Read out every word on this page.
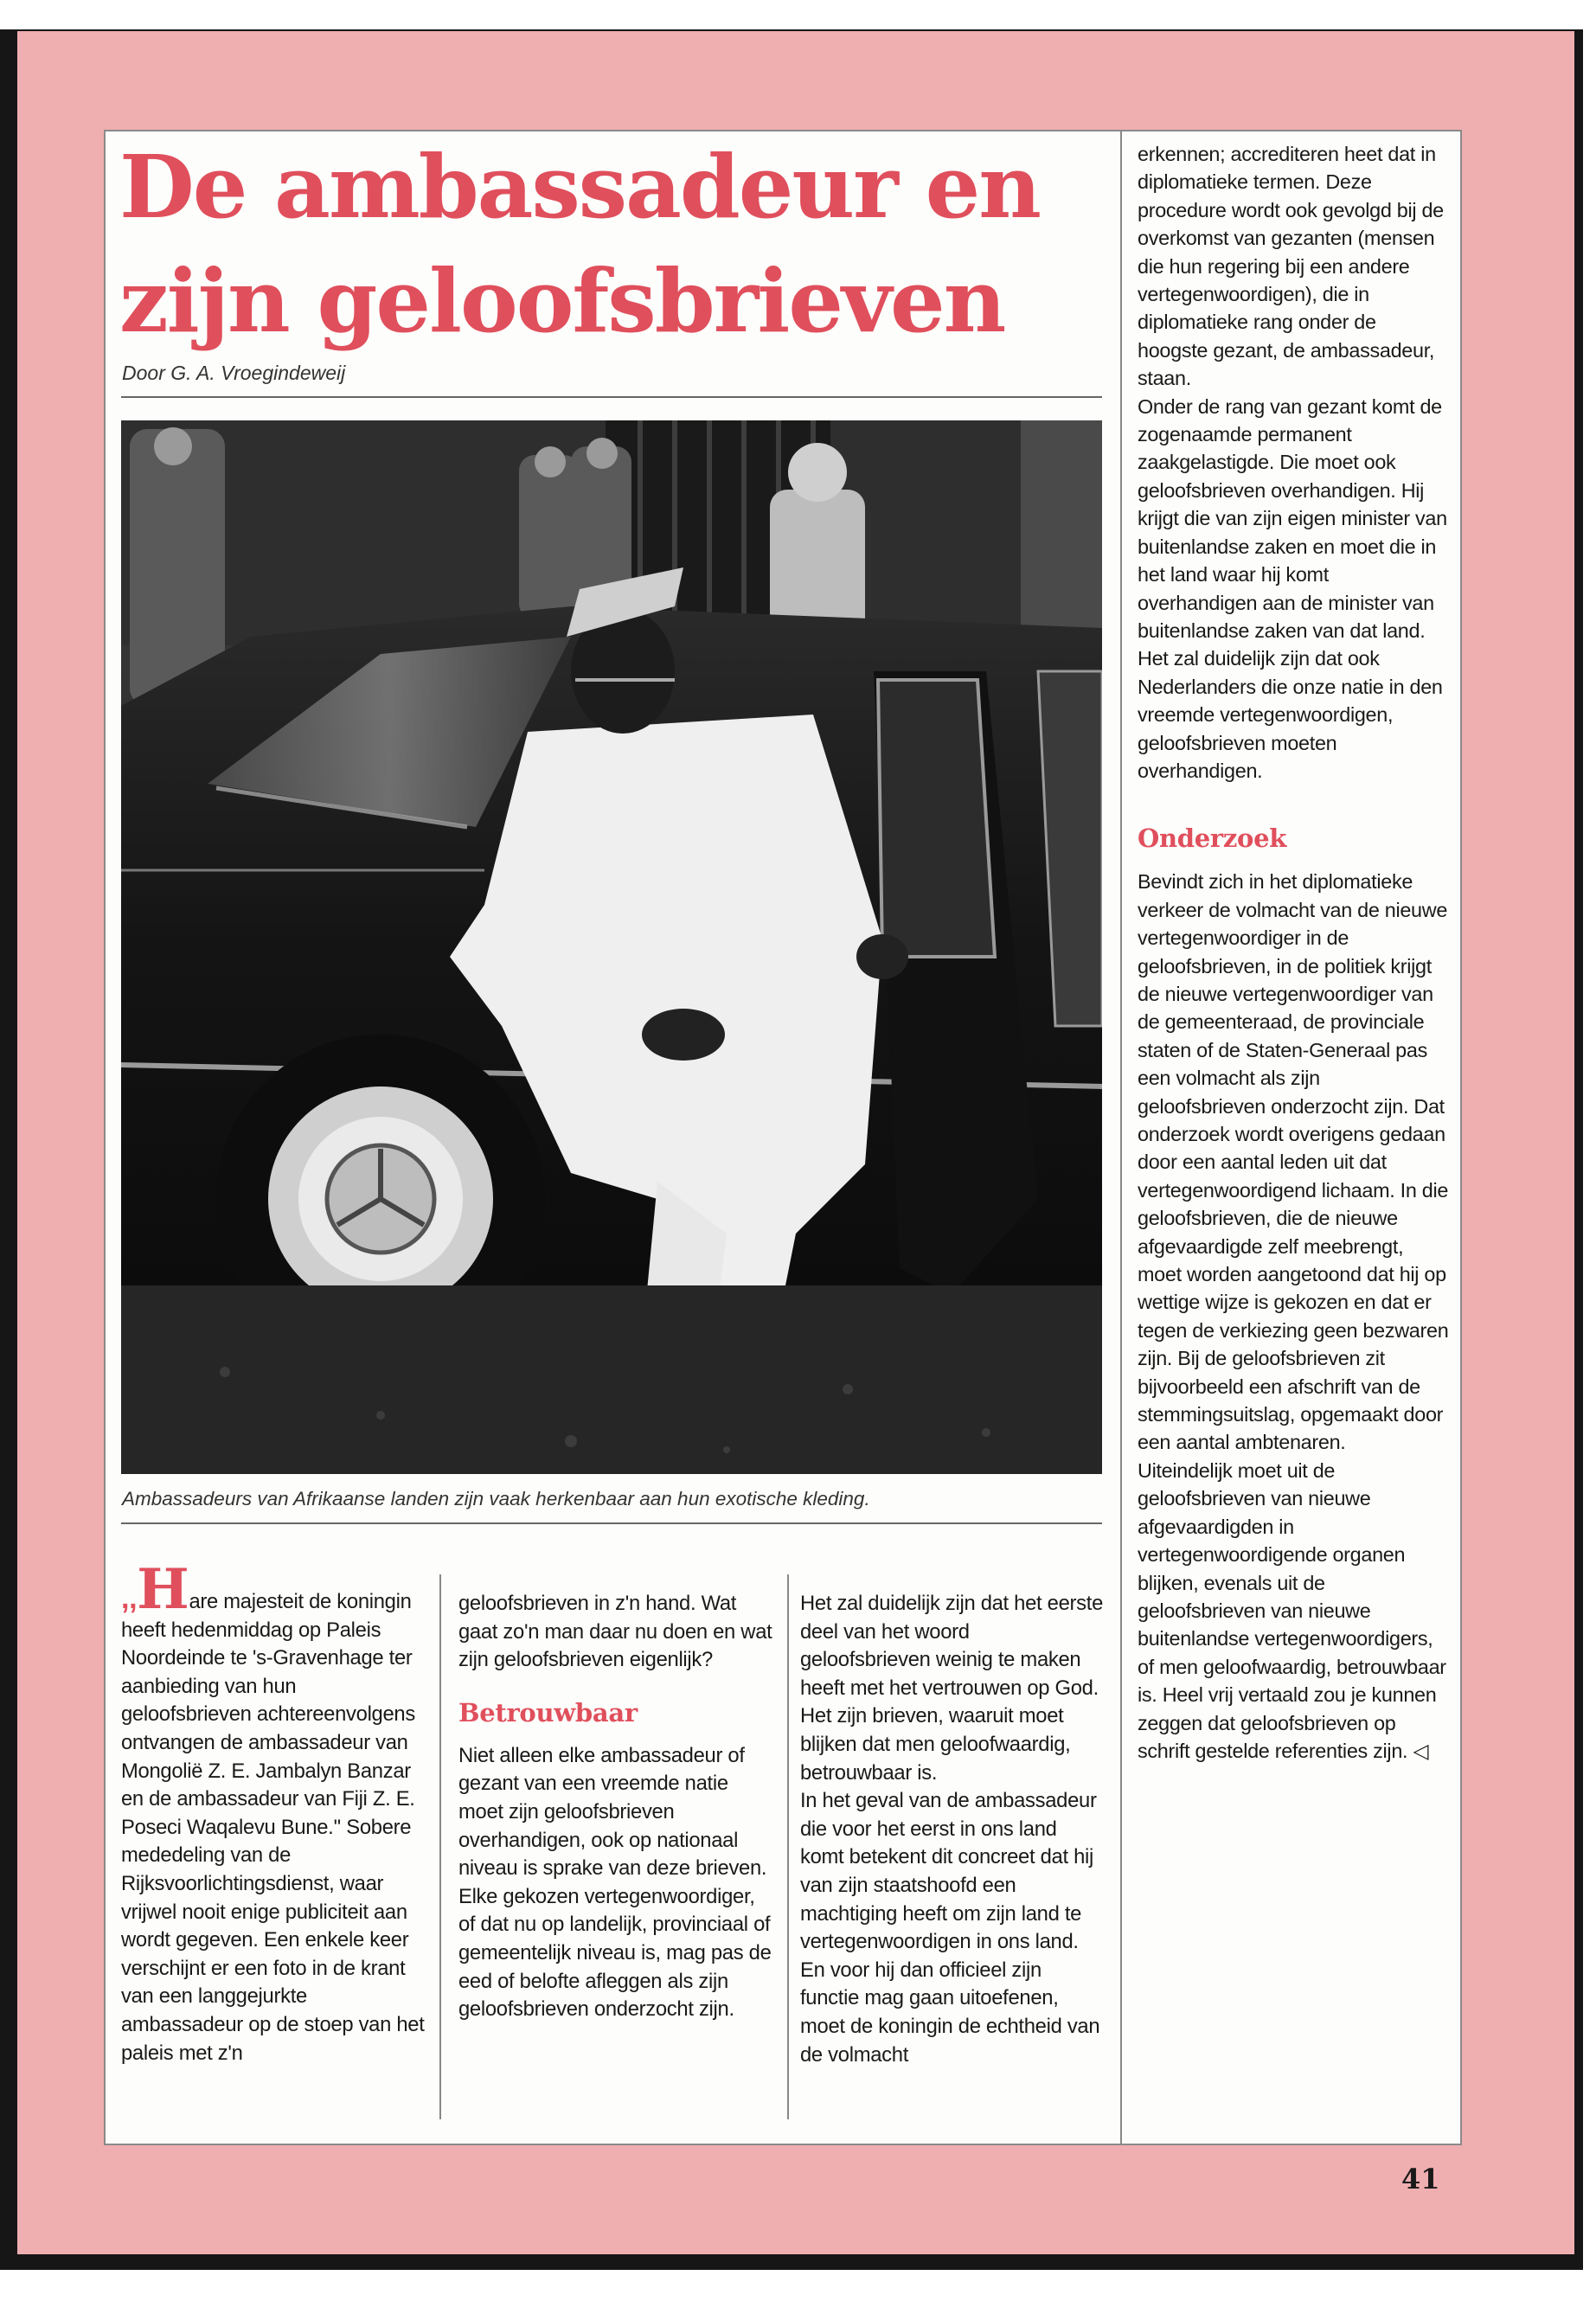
De ambassadeur en zijn geloofsbrieven
Door G. A. Vroegindeweij
Ambassadeurs van Afrikaanse landen zijn vaak herkenbaar aan hun exotische kleding.

,,Hare majesteit de koningin heeft hedenmiddag op Paleis Noordeinde te 's-Gravenhage ter aanbieding van hun geloofsbrieven achtereenvolgens ontvangen de ambassadeur van Mongolië Z. E. Jambalyn Banzar en de ambassadeur van Fiji Z. E. Poseci Waqalevu Bune.'' Sobere mededeling van de Rijksvoorlichtingsdienst, waar vrijwel nooit enige publiciteit aan wordt gegeven. Een enkele keer verschijnt er een foto in de krant van een langgejurkte ambassadeur op de stoep van het paleis met z'n

geloofsbrieven in z'n hand. Wat gaat zo'n man daar nu doen en wat zijn geloofsbrieven eigenlijk?

Betrouwbaar

Niet alleen elke ambassadeur of gezant van een vreemde natie moet zijn geloofsbrieven overhandigen, ook op nationaal niveau is sprake van deze brieven. Elke gekozen vertegenwoordiger, of dat nu op landelijk, provinciaal of gemeentelijk niveau is, mag pas de eed of belofte afleggen als zijn geloofsbrieven onderzocht zijn.

Het zal duidelijk zijn dat het eerste deel van het woord geloofsbrieven weinig te maken heeft met het vertrouwen op God. Het zijn brieven, waaruit moet blijken dat men geloofwaardig, betrouwbaar is.

In het geval van de ambassadeur die voor het eerst in ons land komt betekent dit concreet dat hij van zijn staatshoofd een machtiging heeft om zijn land te vertegenwoordigen in ons land. En voor hij dan officieel zijn functie mag gaan uitoefenen, moet de koningin de echtheid van de volmacht

erkennen; accrediteren heet dat in diplomatieke termen. Deze procedure wordt ook gevolgd bij de overkomst van gezanten (mensen die hun regering bij een andere vertegenwoordigen), die in diplomatieke rang onder de hoogste gezant, de ambassadeur, staan.

Onder de rang van gezant komt de zogenaamde permanent zaakgelastigde. Die moet ook geloofsbrieven overhandigen. Hij krijgt die van zijn eigen minister van buitenlandse zaken en moet die in het land waar hij komt overhandigen aan de minister van buitenlandse zaken van dat land. Het zal duidelijk zijn dat ook Nederlanders die onze natie in den vreemde vertegenwoordigen, geloofsbrieven moeten overhandigen.

Onderzoek

Bevindt zich in het diplomatieke verkeer de volmacht van de nieuwe vertegenwoordiger in de geloofsbrieven, in de politiek krijgt de nieuwe vertegenwoordiger van de gemeenteraad, de provinciale staten of de Staten-Generaal pas een volmacht als zijn geloofsbrieven onderzocht zijn. Dat onderzoek wordt overigens gedaan door een aantal leden uit dat vertegenwoordigend lichaam. In die geloofsbrieven, die de nieuwe afgevaardigde zelf meebrengt, moet worden aangetoond dat hij op wettige wijze is gekozen en dat er tegen de verkiezing geen bezwaren zijn. Bij de geloofsbrieven zit bijvoorbeeld een afschrift van de stemmingsuitslag, opgemaakt door een aantal ambtenaren.

Uiteindelijk moet uit de geloofsbrieven van nieuwe afgevaardigden in vertegenwoordigende organen blijken, evenals uit de geloofsbrieven van nieuwe buitenlandse vertegenwoordigers, of men geloofwaardig, betrouwbaar is. Heel vrij vertaald zou je kunnen zeggen dat geloofsbrieven op schrift gestelde referenties zijn. ◁

41
